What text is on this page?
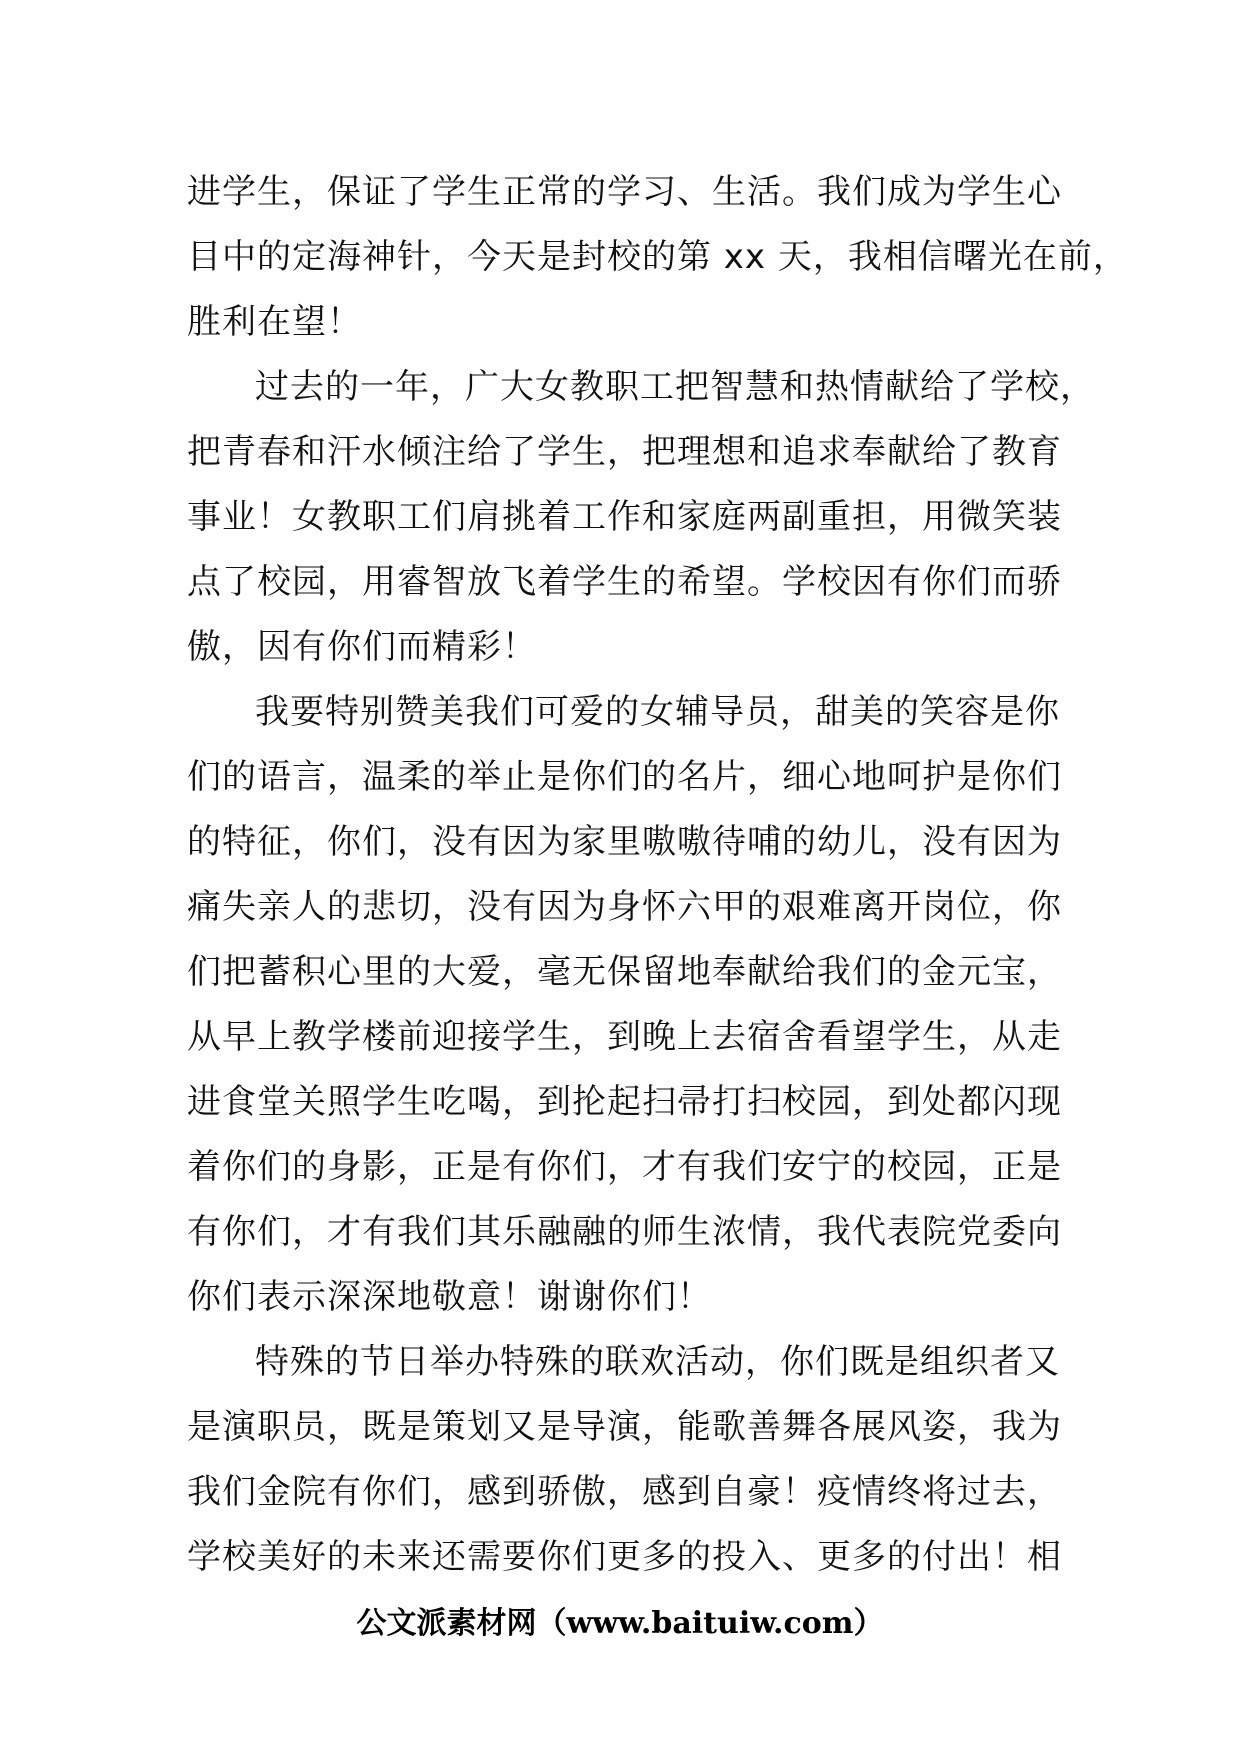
进学生，保证了学生正常的学习、生活。我们成为学生心
目中的定海神针，今天是封校的第 xx 天，我相信曙光在前，
胜利在望！
过去的一年，广大女教职工把智慧和热情献给了学校，
把青春和汗水倾注给了学生，把理想和追求奉献给了教育
事业！女教职工们肩挑着工作和家庭两副重担，用微笑装
点了校园，用睿智放飞着学生的希望。学校因有你们而骄
傲，因有你们而精彩！
我要特别赞美我们可爱的女辅导员，甜美的笑容是你
们的语言，温柔的举止是你们的名片，细心地呵护是你们
的特征，你们，没有因为家里嗷嗷待哺的幼儿，没有因为
痛失亲人的悲切，没有因为身怀六甲的艰难离开岗位，你
们把蓄积心里的大爱，毫无保留地奉献给我们的金元宝，
从早上教学楼前迎接学生，到晚上去宿舍看望学生，从走
进食堂关照学生吃喝，到抡起扫帚打扫校园，到处都闪现
着你们的身影，正是有你们，才有我们安宁的校园，正是
有你们，才有我们其乐融融的师生浓情，我代表院党委向
你们表示深深地敬意！谢谢你们！
特殊的节日举办特殊的联欢活动，你们既是组织者又
是演职员，既是策划又是导演，能歌善舞各展风姿，我为
我们金院有你们，感到骄傲，感到自豪！疫情终将过去，
学校美好的未来还需要你们更多的投入、更多的付出！相
公文派素材网（www.baituiw.com）
